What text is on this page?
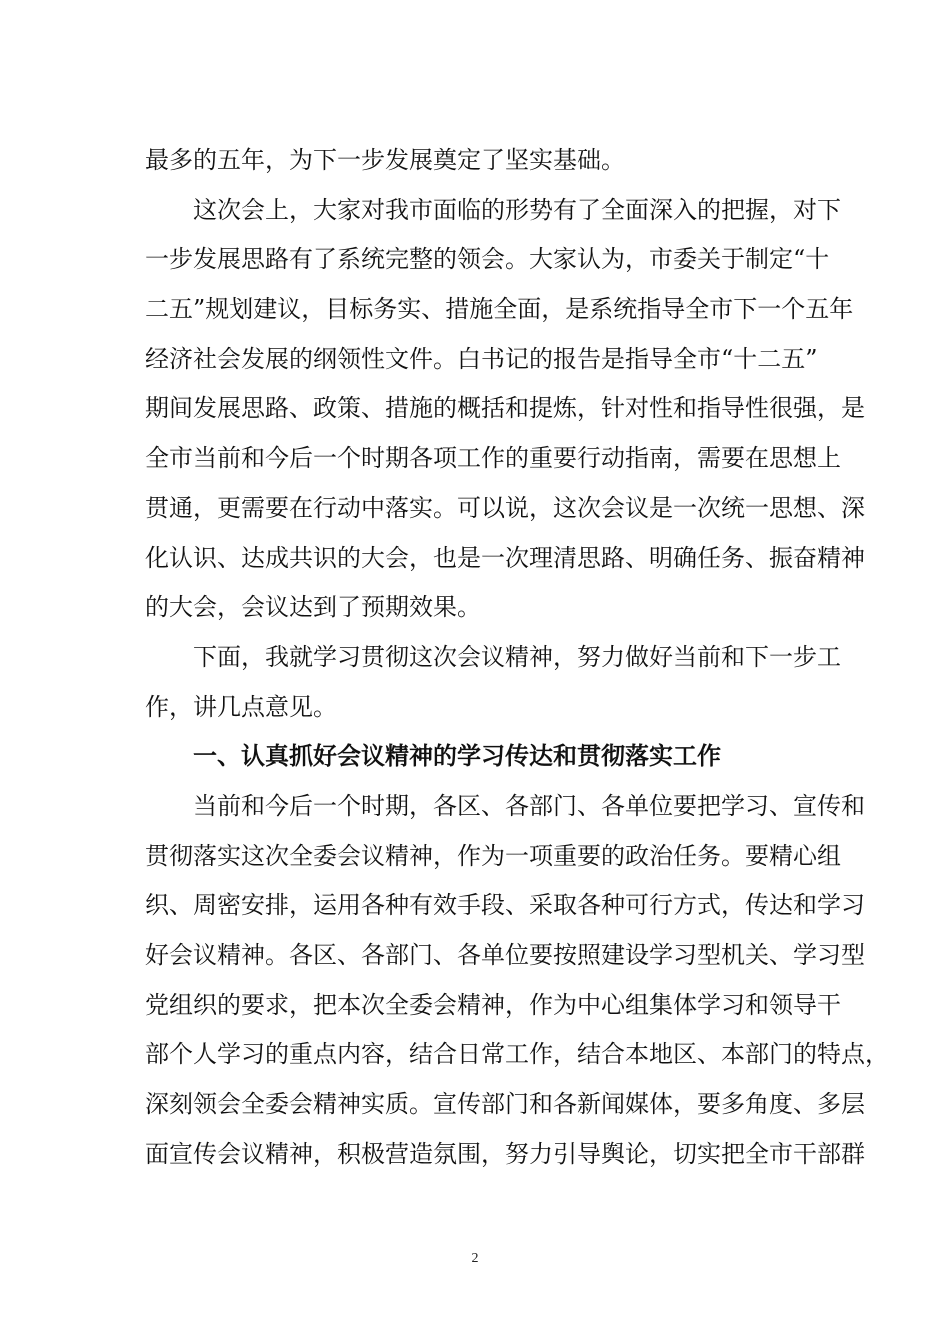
最多的五年，为下一步发展奠定了坚实基础。
这次会上，大家对我市面临的形势有了全面深入的把握，对下
一步发展思路有了系统完整的领会。大家认为，市委关于制定“十
二五”规划建议，目标务实、措施全面，是系统指导全市下一个五年
经济社会发展的纲领性文件。白书记的报告是指导全市“十二五”
期间发展思路、政策、措施的概括和提炼，针对性和指导性很强，是
全市当前和今后一个时期各项工作的重要行动指南，需要在思想上
贯通，更需要在行动中落实。可以说，这次会议是一次统一思想、深
化认识、达成共识的大会，也是一次理清思路、明确任务、振奋精神
的大会，会议达到了预期效果。
下面，我就学习贯彻这次会议精神，努力做好当前和下一步工
作，讲几点意见。
一、认真抓好会议精神的学习传达和贯彻落实工作
当前和今后一个时期，各区、各部门、各单位要把学习、宣传和
贯彻落实这次全委会议精神，作为一项重要的政治任务。要精心组
织、周密安排，运用各种有效手段、采取各种可行方式，传达和学习
好会议精神。各区、各部门、各单位要按照建设学习型机关、学习型
党组织的要求，把本次全委会精神，作为中心组集体学习和领导干
部个人学习的重点内容，结合日常工作，结合本地区、本部门的特点，
深刻领会全委会精神实质。宣传部门和各新闻媒体，要多角度、多层
面宣传会议精神，积极营造氛围，努力引导舆论，切实把全市干部群
2
